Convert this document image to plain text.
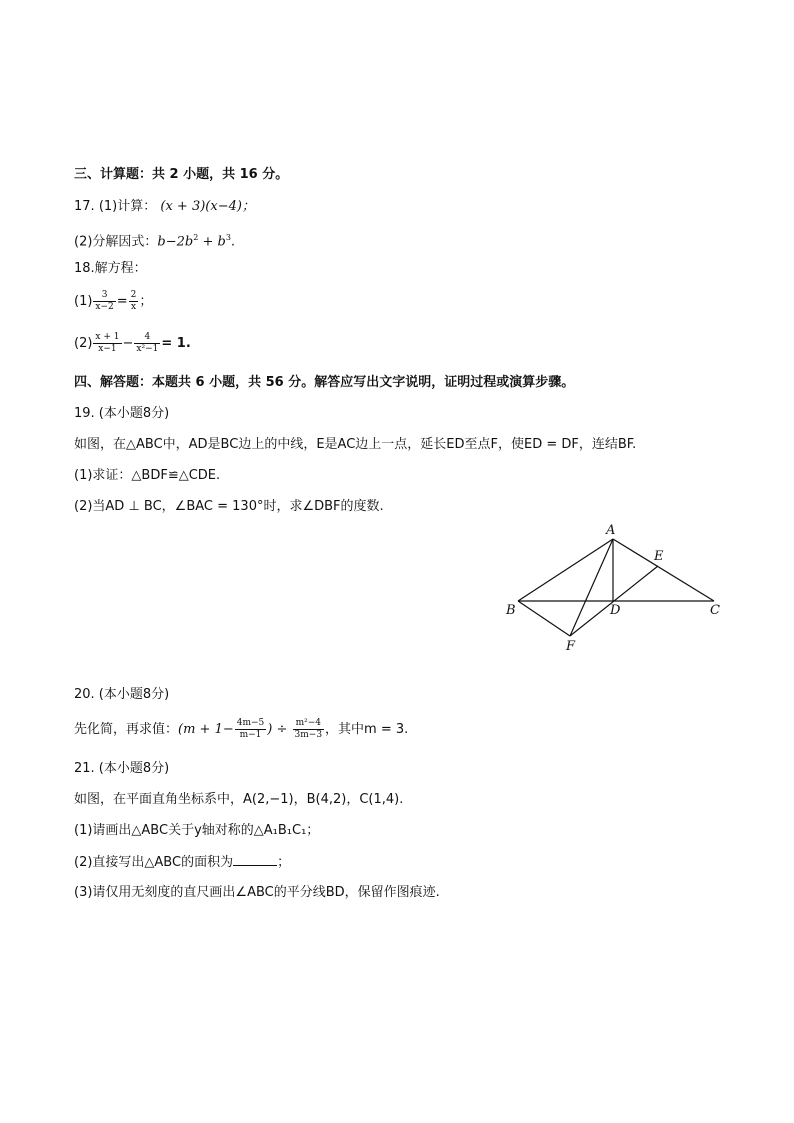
三、计算题：共 2 小题，共 16 分。
17. (1)计算： (x + 3)(x−4)；
(2)分解因式：$b-2b^2 + b^3$.
18.解方程：
$(1) \frac{3}{x-2} = \frac{2}{x}$ ；
$(2) \frac{x + 1}{x-1} - \frac{4}{\text{x²−1}} = 1$.
四、解答题：本题共 6 小题，共 56 分。解答应写出文字说明，证明过程或演算步骤。
19. (本小题8分)
如图，在△ABC中，AD是BC边上的中线，E是AC边上一点，延长ED至点F，使ED = DF，连结BF.
(1)求证：△BDF≌△CDE.
(2)当AD ⊥ BC，∠BAC = 130°时，求∠DBF的度数.
A
E
B	D	C
F
20. (本小题8分)
先化简，再求值：($m + 1- \frac{4m-5}{m-1}$ ) ÷ $\frac{\text{m²−4}}{3m-3}$ ，其中m = 3.
21. (本小题8分)
如图，在平面直角坐标系中，A(2,−1)，B(4,2)，C(1,4).
(1)请画出△ABC关于y轴对称的△A₁B₁C₁；
(2)直接写出△ABC的面积为	；
(3)请仅用无刻度的直尺画出∠ABC的平分线BD，保留作图痕迹.
